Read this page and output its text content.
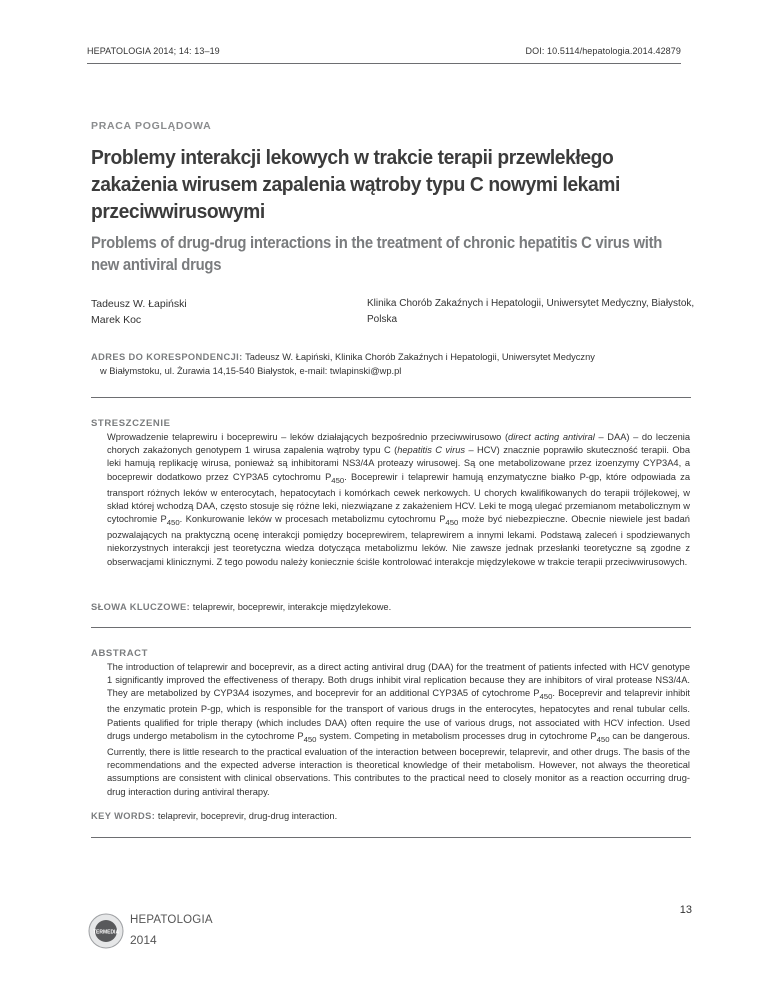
HEPATOLOGIA 2014; 14: 13–19	DOI: 10.5114/hepatologia.2014.42879
PRACA POGLĄDOWA
Problemy interakcji lekowych w trakcie terapii przewlekłego zakażenia wirusem zapalenia wątroby typu C nowymi lekami przeciwwirusowymi
Problems of drug-drug interactions in the treatment of chronic hepatitis C virus with new antiviral drugs
Tadeusz W. Łapiński
Marek Koc
Klinika Chorób Zakaźnych i Hepatologii, Uniwersytet Medyczny, Białystok, Polska
ADRES DO KORESPONDENCJI: Tadeusz W. Łapiński, Klinika Chorób Zakaźnych i Hepatologii, Uniwersytet Medyczny
w Białymstoku, ul. Żurawia 14,15-540 Białystok, e-mail: twlapinski@wp.pl
STRESZCZENIE

Wprowadzenie telaprewiru i boceprewiru – leków działających bezpośrednio przeciwwirusowo (direct acting antiviral – DAA) – do leczenia chorych zakażonych genotypem 1 wirusa zapalenia wątroby typu C (hepatitis C virus – HCV) znacznie poprawiło skuteczność terapii. Oba leki hamują replikację wirusa, ponieważ są inhibitorami NS3/4A proteazy wirusowej. Są one metabolizowane przez izoenzymy CYP3A4, a boceprewir dodatkowo przez CYP3A5 cytochromu $P_{450}$. Boceprewir i telaprewir hamują enzymatyczne białko P-gp, które odpowiada za transport różnych leków w enterocytach, hepatocytach i komórkach cewek nerkowych. U chorych kwalifikowanych do terapii trójlekowej, w skład której wchodzą DAA, często stosuje się różne leki, niezwiązane z zakażeniem HCV. Leki te mogą ulegać przemianom metabolicznym w cytochromie $P_{450}$. Konkurowanie leków w procesach metabolizmu cytochromu $P_{450}$ może być niebezpieczne. Obecnie niewiele jest badań pozwalających na praktyczną ocenę interakcji pomiędzy boceprewirem, telaprewirem a innymi lekami. Podstawą zaleceń i spodziewanych niekorzystnych interakcji jest teoretyczna wiedza dotycząca metabolizmu leków. Nie zawsze jednak przesłanki teoretyczne są zgodne z obserwacjami klinicznymi. Z tego powodu należy koniecznie ściśle kontrolować interakcje międzylekowe w trakcie terapii przeciwwirusowych.

SŁOWA KLUCZOWE: telaprewir, boceprewir, interakcje międzylekowe.
ABSTRACT

The introduction of telaprewir and boceprevir, as a direct acting antiviral drug (DAA) for the treatment of patients infected with HCV genotype 1 significantly improved the effectiveness of therapy. Both drugs inhibit viral replication because they are inhibitors of viral protease NS3/4A. They are metabolized by CYP3A4 isozymes, and boceprevir for an additional CYP3A5 of cytochrome $P_{450}$. Boceprevir and telaprevir inhibit the enzymatic protein P-gp, which is responsible for the transport of various drugs in the enterocytes, hepatocytes and renal tubular cells. Patients qualified for triple therapy (which includes DAA) often require the use of various drugs, not associated with HCV infection. Used drugs undergo metabolism in the cytochrome $P_{450}$ system. Competing in metabolism processes drug in cytochrome $P_{450}$ can be dangerous. Currently, there is little research to the practical evaluation of the interaction between boceprewir, telaprevir, and other drugs. The basis of the recommendations and the expected adverse interaction is theoretical knowledge of their metabolism. However, not always the theoretical assumptions are consistent with clinical observations. This contributes to the practical need to closely monitor as a reaction occurring drug-drug interaction during antiviral therapy.

KEY WORDS: telaprevir, boceprevir, drug-drug interaction.
TERMEDIA
HEPATOLOGIA
2014
13
